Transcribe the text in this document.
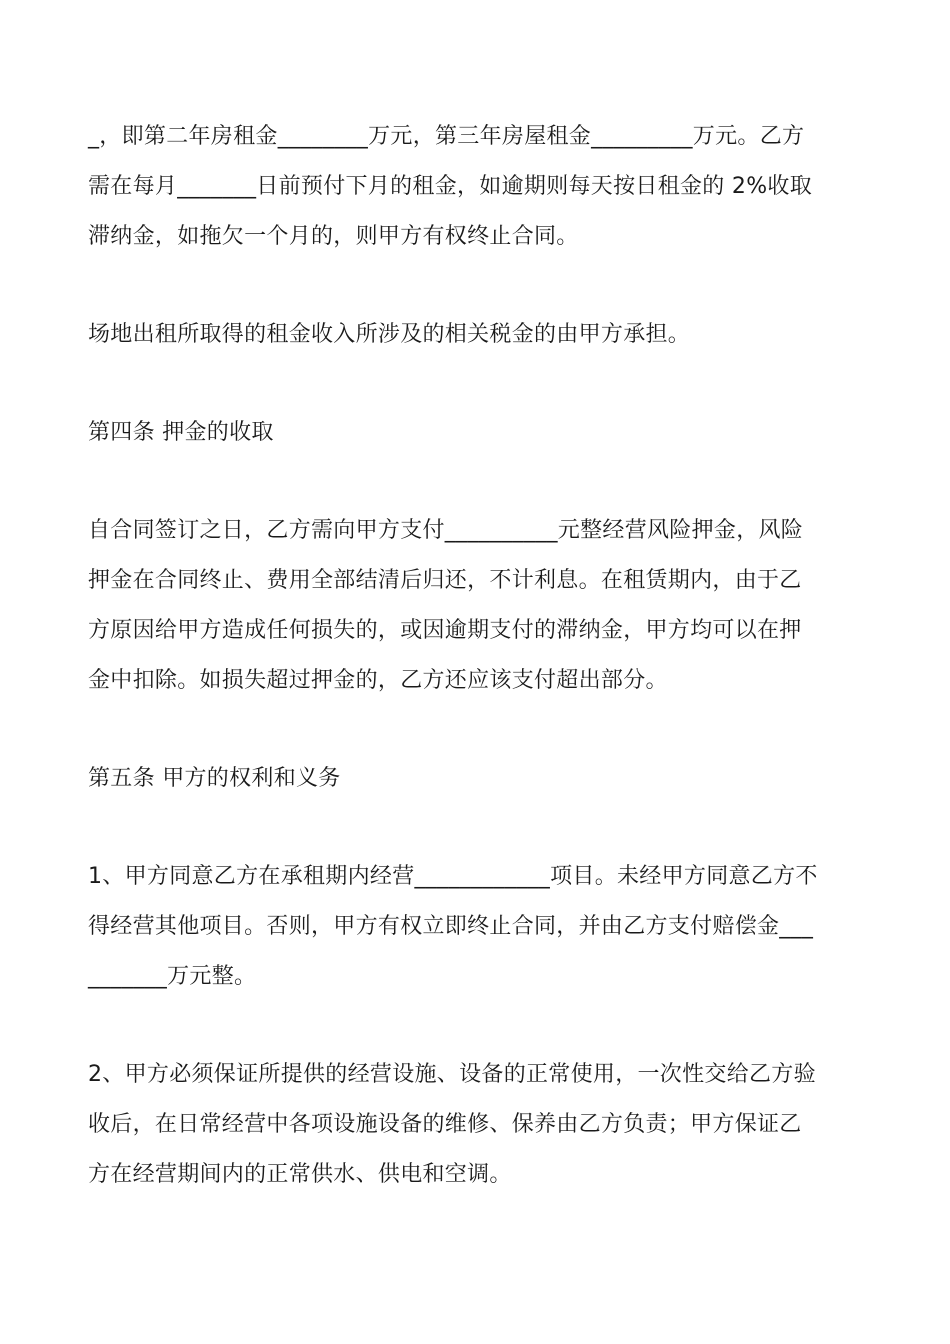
_，即第二年房租金________万元，第三年房屋租金_________万元。乙方
需在每月_______日前预付下月的租金，如逾期则每天按日租金的 2%收取
滞纳金，如拖欠一个月的，则甲方有权终止合同。

场地出租所取得的租金收入所涉及的相关税金的由甲方承担。

第四条 押金的收取

自合同签订之日，乙方需向甲方支付__________元整经营风险押金，风险
押金在合同终止、费用全部结清后归还，不计利息。在租赁期内，由于乙
方原因给甲方造成任何损失的，或因逾期支付的滞纳金，甲方均可以在押
金中扣除。如损失超过押金的，乙方还应该支付超出部分。

第五条 甲方的权利和义务

1、甲方同意乙方在承租期内经营____________项目。未经甲方同意乙方不
得经营其他项目。否则，甲方有权立即终止合同，并由乙方支付赔偿金___
_______万元整。

2、甲方必须保证所提供的经营设施、设备的正常使用，一次性交给乙方验
收后，在日常经营中各项设施设备的维修、保养由乙方负责；甲方保证乙
方在经营期间内的正常供水、供电和空调。
